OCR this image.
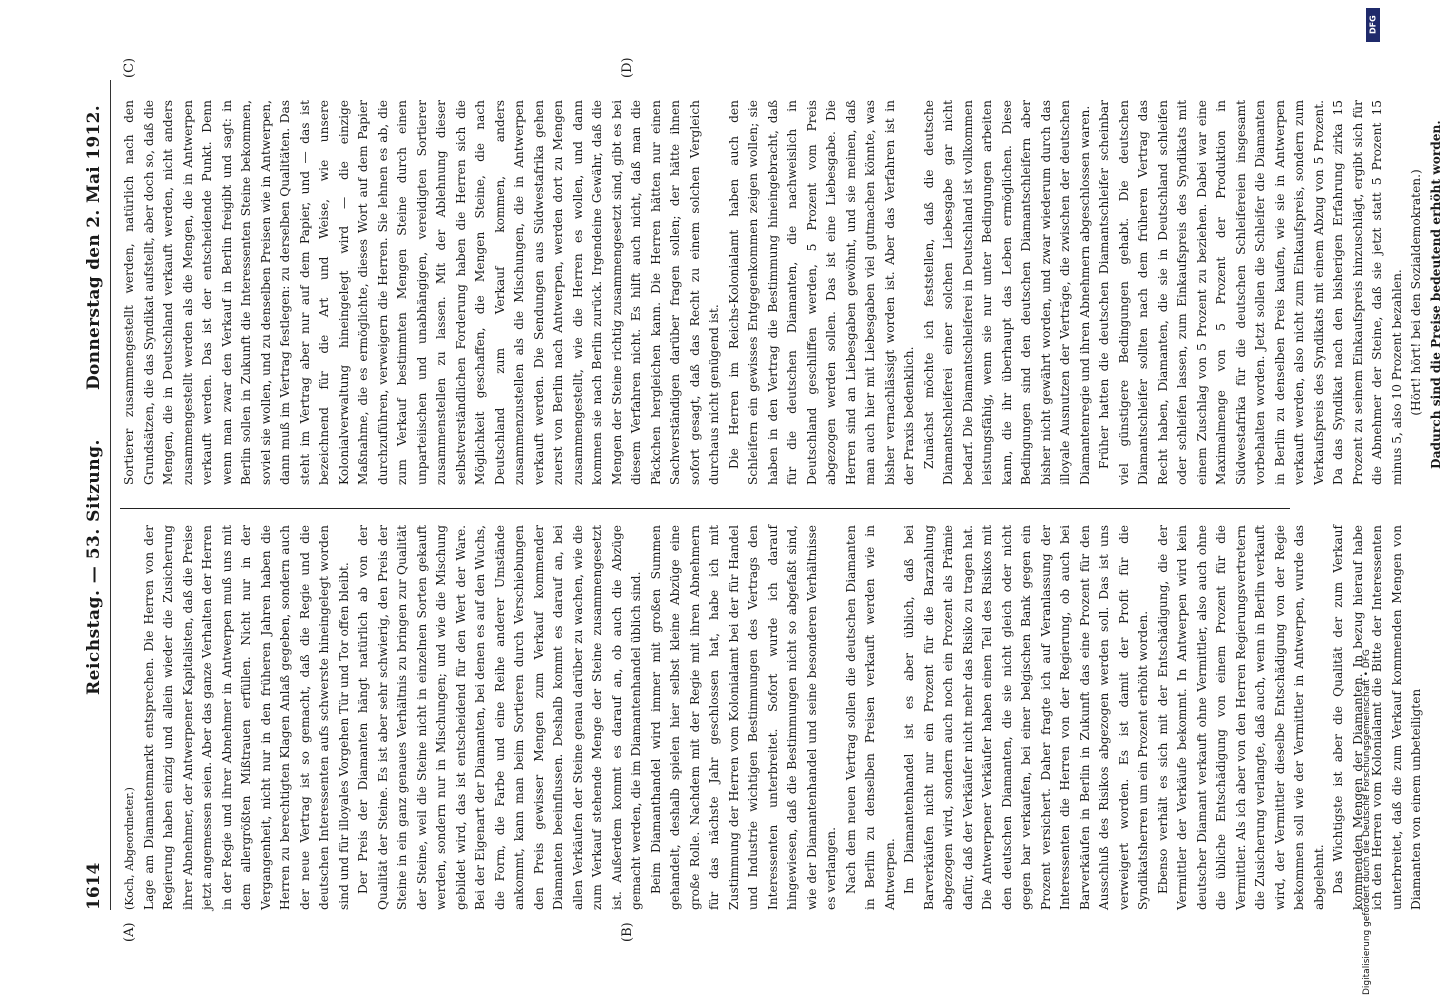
1614
Reichstag. — 53. Sitzung.
Donnerstag den 2. Mai 1912.
(A)	(B)
(C)	(D)

(Koch, Abgeordneter.) Lage am Diamantenmarkt entsprechen. Die Herren von der Regierung haben einzig und allein wieder die Zusicherung ihrer Abnehmer, der Antwerpener Kapitalisten, daß die Preise jetzt angemessen seien. Aber das ganze Verhalten der Herren in der Regie und ihrer Abnehmer in Antwerpen muß uns mit dem allergrößten Mißtrauen erfüllen. Nicht nur in der Vergangenheit, nicht nur in den früheren Jahren haben die Herren zu berechtigten Klagen Anlaß gegeben, sondern auch der neue Vertrag ist so gemacht, daß die Regie und die deutschen Interessenten aufs schwerste hineingelegt worden sind und für illoyales Vorgehen Tür und Tor offen bleibt. Der Preis der Diamanten hängt natürlich ab von der Qualität der Steine. Es ist aber sehr schwierig, den Preis der Steine in ein ganz genaues Verhältnis zu bringen zur Qualität der Steine, weil die Steine nicht in einzelnen Sorten gekauft werden, sondern nur in Mischungen; und wie die Mischung gebildet wird, das ist entscheidend für den Wert der Ware. Bei der Eigenart der Diamanten, bei denen es auf den Wuchs, die Form, die Farbe und eine Reihe anderer Umstände ankommt, kann man beim Sortieren durch Verschiebungen den Preis gewisser Mengen zum Verkauf kommender Diamanten beeinflussen. Deshalb kommt es darauf an, bei allen Verkäufen der Steine genau darüber zu wachen, wie die zum Verkauf stehende Menge der Steine zusammengesetzt ist. Außerdem kommt es darauf an, ob auch die Abzüge gemacht werden, die im Diamantenhandel üblich sind. Beim Diamanthandel wird immer mit großen Summen gehandelt, deshalb spielen hier selbst kleine Abzüge eine große Rolle. Nachdem mit der Regie mit ihren Abnehmern für das nächste Jahr geschlossen hat, habe ich mit Zustimmung der Herren vom Kolonialamt bei der für Handel und Industrie wichtigen Bestimmungen des Vertrags den Interessenten unterbreitet. Sofort wurde ich darauf hingewiesen, daß die Bestimmungen nicht so abgefaßt sind, wie der Diamantenhandel und seine besonderen Verhältnisse es verlangen. Nach dem neuen Vertrag sollen die deutschen Diamanten in Berlin zu denselben Preisen verkauft werden wie in Antwerpen. Im Diamantenhandel ist es aber üblich, daß bei Barverkäufen nicht nur ein Prozent für die Barzahlung abgezogen wird, sondern auch noch ein Prozent als Prämie dafür, daß der Verkäufer nicht mehr das Risiko zu tragen hat. Die Antwerpener Verkäufer haben einen Teil des Risikos mit den deutschen Diamanten, die sie nicht gleich oder nicht gegen bar verkaufen, bei einer belgischen Bank gegen ein Prozent versichert. Daher fragte ich auf Veranlassung der Interessenten die Herren von der Regierung, ob auch bei Barverkäufen in Berlin in Zukunft das eine Prozent für den Ausschluß des Risikos abgezogen werden soll. Das ist uns verweigert worden. Es ist damit der Profit für die Syndikatsherren um ein Prozent erhöht worden. Ebenso verhält es sich mit der Entschädigung, die der Vermittler der Verkäufe bekommt. In Antwerpen wird kein deutscher Diamant verkauft ohne Vermittler, also auch ohne die übliche Entschädigung von einem Prozent für die Vermittler. Als ich aber von den Herren Regierungsvertretern die Zusicherung verlangte, daß auch, wenn in Berlin verkauft wird, der Vermittler dieselbe Entschädigung von der Regie bekommen soll wie der Vermittler in Antwerpen, wurde das abgelehnt. Das Wichtigste ist aber die Qualität der zum Verkauf kommenden Mengen der Diamanten. In bezug hierauf habe ich den Herren vom Kolonialamt die Bitte der Interessenten unterbreitet, daß die zum Verkauf kommenden Mengen von Diamanten von einem unbeteiligten

Sortierer zusammengestellt werden, natürlich nach den Grundsätzen, die das Syndikat aufstellt, aber doch so, daß die Mengen, die in Deutschland verkauft werden, nicht anders zusammengestellt werden als die Mengen, die in Antwerpen verkauft werden. Das ist der entscheidende Punkt. Denn wenn man zwar den Verkauf in Berlin freigibt und sagt: in Berlin sollen in Zukunft die Interessenten Steine bekommen, soviel sie wollen, und zu denselben Preisen wie in Antwerpen, dann muß im Vertrag festlegen: zu derselben Qualitäten. Das steht im Vertrag aber nur auf dem Papier, und — das ist bezeichnend für die Art und Weise, wie unsere Kolonialverwaltung hineingelegt wird — die einzige Maßnahme, die es ermöglichte, dieses Wort auf dem Papier durchzuführen, verweigern die Herren. Sie lehnen es ab, die zum Verkauf bestimmten Mengen Steine durch einen unparteiischen und unabhängigen, vereidigten Sortierer zusammenstellen zu lassen. Mit der Ablehnung dieser selbstverständlichen Forderung haben die Herren sich die Möglichkeit geschaffen, die Mengen Steine, die nach Deutschland zum Verkauf kommen, anders zusammenzustellen als die Mischungen, die in Antwerpen verkauft werden. Die Sendungen aus Südwestafrika gehen zuerst von Berlin nach Antwerpen, werden dort zu Mengen zusammengestellt, wie die Herren es wollen, und dann kommen sie nach Berlin zurück. Irgendeine Gewähr, daß die Mengen der Steine richtig zusammengesetzt sind, gibt es bei diesem Verfahren nicht. Es hilft auch nicht, daß man die Päckchen hergleichen kann. Die Herren hätten nur einen Sachverständigen darüber fragen sollen; der hätte ihnen sofort gesagt, daß das Recht zu einem solchen Vergleich durchaus nicht genügend ist. Die Herren im Reichs-Kolonialamt haben auch den Schleifern ein gewisses Entgegenkommen zeigen wollen; sie haben in den Vertrag die Bestimmung hineingebracht, daß für die deutschen Diamanten, die nachweislich in Deutschland geschliffen werden, 5 Prozent vom Preis abgezogen werden sollen. Das ist eine Liebesgabe. Die Herren sind an Liebesgaben gewöhnt, und sie meinen, daß man auch hier mit Liebesgaben viel gutmachen könnte, was bisher vernachlässigt worden ist. Aber das Verfahren ist in der Praxis bedenklich. Zunächst möchte ich feststellen, daß die deutsche Diamantschleiferei einer solchen Liebesgabe gar nicht bedarf. Die Diamantschleiferei in Deutschland ist vollkommen leistungsfähig, wenn sie nur unter Bedingungen arbeiten kann, die ihr überhaupt das Leben ermöglichen. Diese Bedingungen sind den deutschen Diamantschleifern aber bisher nicht gewährt worden, und zwar wiederum durch das illoyale Ausnutzen der Verträge, die zwischen der deutschen Diamantenregie und ihren Abnehmern abgeschlossen waren. Früher hatten die deutschen Diamantschleifer scheinbar viel günstigere Bedingungen gehabt. Die deutschen Diamantschleifer sollten nach dem früheren Vertrag das Recht haben, Diamanten, die sie in Deutschland schleifen oder schleifen lassen, zum Einkaufspreis des Syndikats mit einem Zuschlag von 5 Prozent zu beziehen. Dabei war eine Maximalmenge von 5 Prozent der Produktion in Südwestafrika für die deutschen Schleifereien insgesamt vorbehalten worden. Jetzt sollen die Schleifer die Diamanten in Berlin zu denselben Preis kaufen, wie sie in Antwerpen verkauft werden, also nicht zum Einkaufspreis, sondern zum Verkaufspreis des Syndikats mit einem Abzug von 5 Prozent. Da das Syndikat nach den bisherigen Erfahrung zirka 15 Prozent zu seinem Einkaufspreis hinzuschlägt, ergibt sich für die Abnehmer der Steine, daß sie jetzt statt 5 Prozent 15 minus 5, also 10 Prozent bezahlen. (Hört! hört! bei den Sozialdemokraten.) Dadurch sind die Preise bedeutend erhöht worden.

DFG
Digitalisierung gefördert durch die Deutsche Forschungsgemeinschaft • DFG
